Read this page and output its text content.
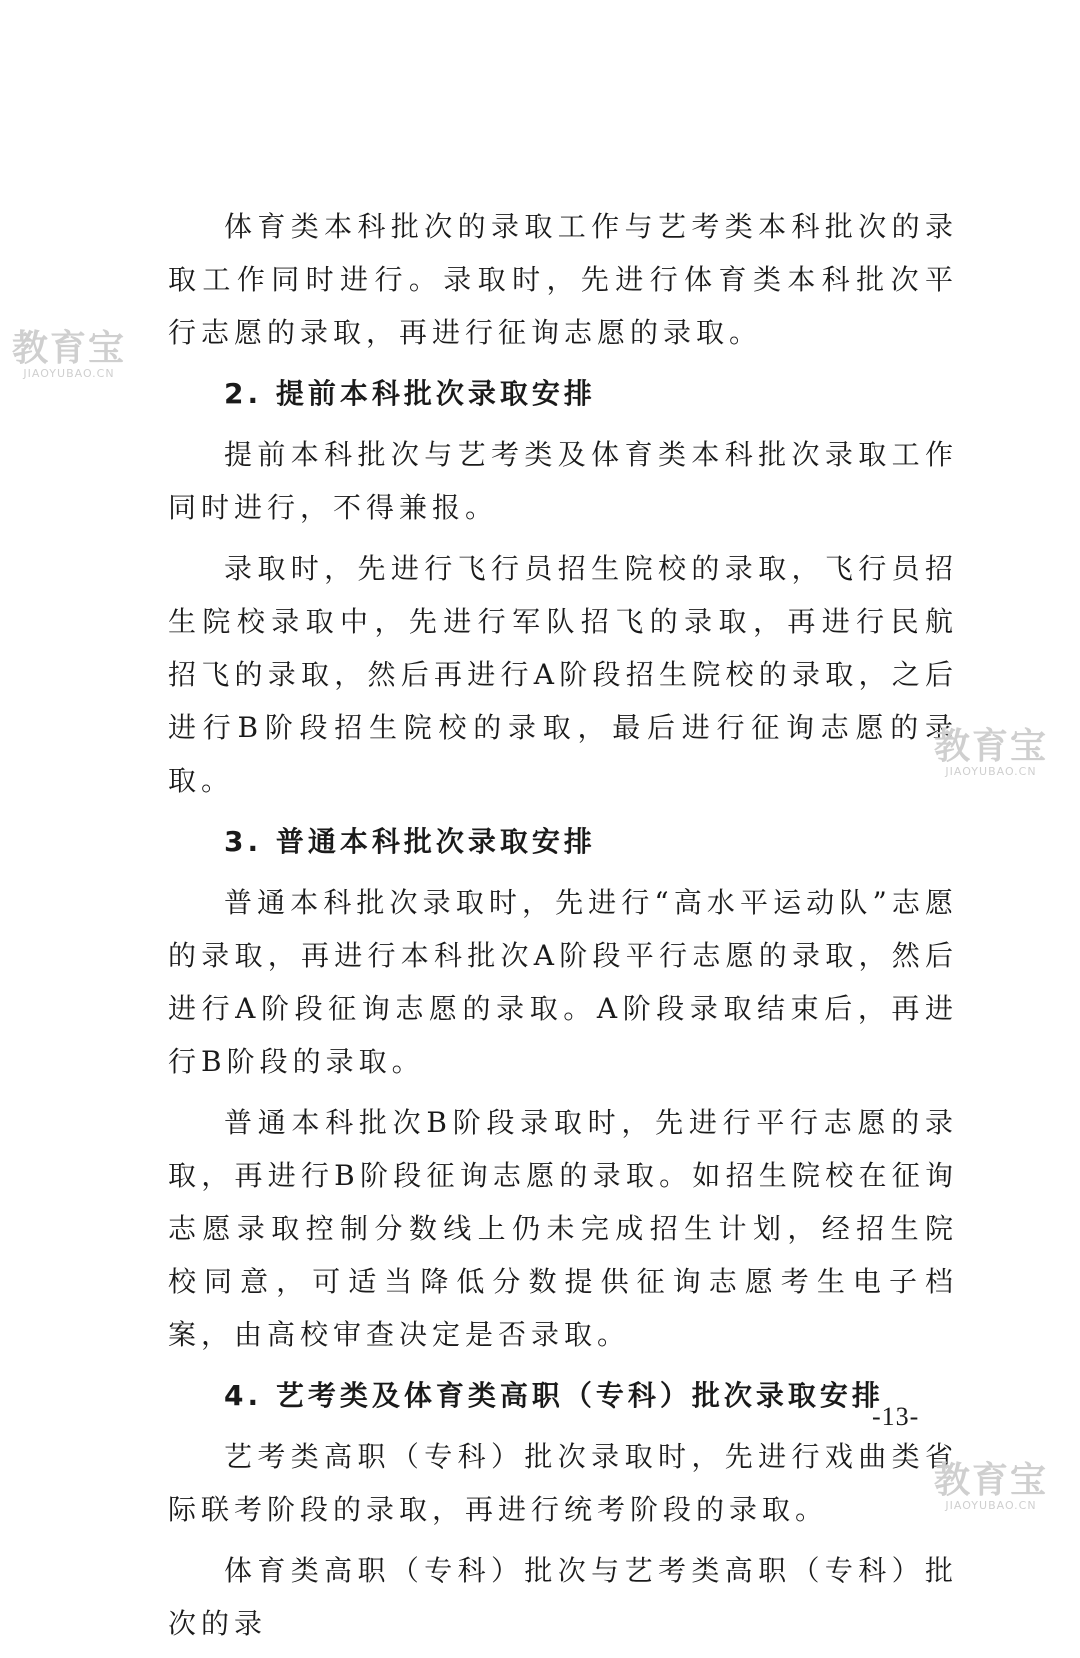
体育类本科批次的录取工作与艺考类本科批次的录取工作同时进行。录取时，先进行体育类本科批次平行志愿的录取，再进行征询志愿的录取。

2. 提前本科批次录取安排

提前本科批次与艺考类及体育类本科批次录取工作同时进行，不得兼报。

录取时，先进行飞行员招生院校的录取，飞行员招生院校录取中，先进行军队招飞的录取，再进行民航招飞的录取，然后再进行A阶段招生院校的录取，之后进行B阶段招生院校的录取，最后进行征询志愿的录取。

3. 普通本科批次录取安排

普通本科批次录取时，先进行“高水平运动队”志愿的录取，再进行本科批次A阶段平行志愿的录取，然后进行A阶段征询志愿的录取。A阶段录取结束后，再进行B阶段的录取。

普通本科批次B阶段录取时，先进行平行志愿的录取，再进行B阶段征询志愿的录取。如招生院校在征询志愿录取控制分数线上仍未完成招生计划，经招生院校同意，可适当降低分数提供征询志愿考生电子档案，由高校审查决定是否录取。

4. 艺考类及体育类高职（专科）批次录取安排

艺考类高职（专科）批次录取时，先进行戏曲类省际联考阶段的录取，再进行统考阶段的录取。

体育类高职（专科）批次与艺考类高职（专科）批次的录

-13-
教育宝
JIAOYUBAO.CN
教育宝
JIAOYUBAO.CN
教育宝
JIAOYUBAO.CN
